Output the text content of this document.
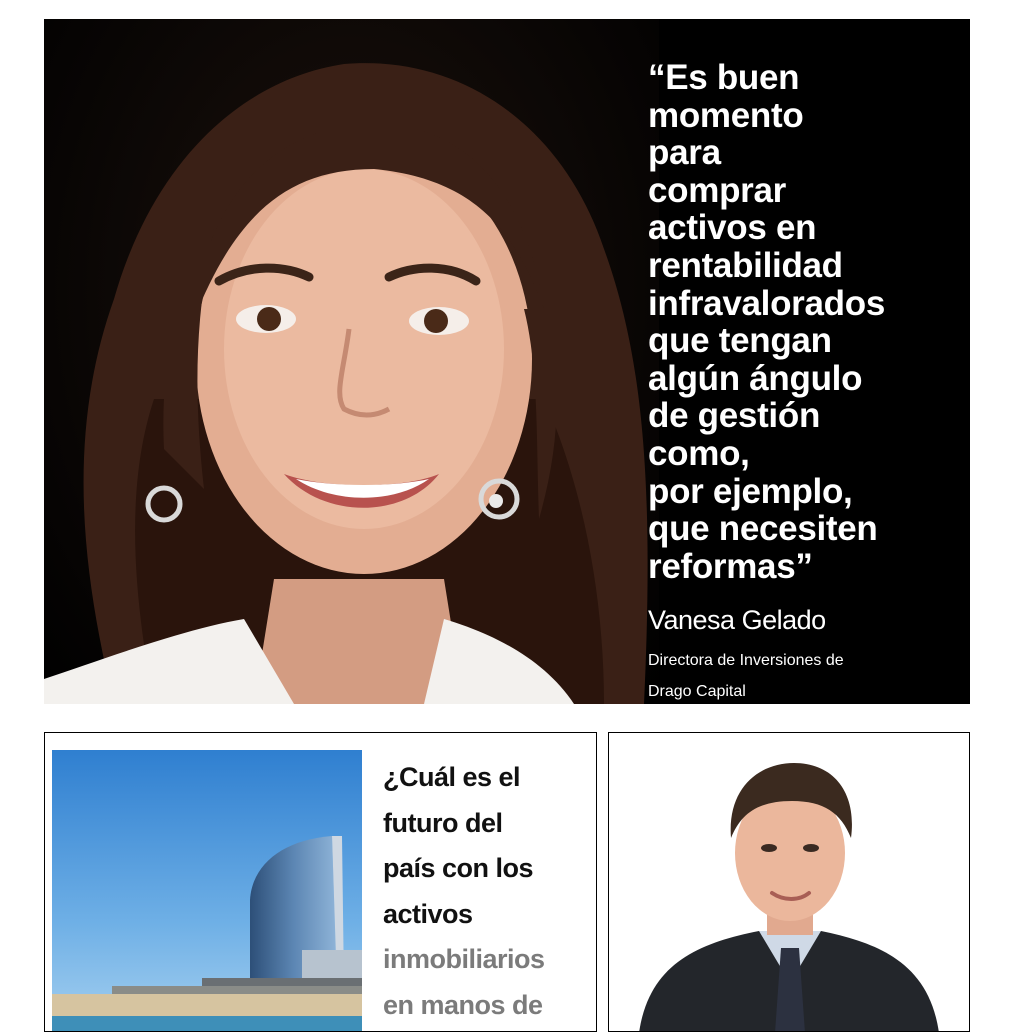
“Es buen
momento
para
comprar
activos en
rentabilidad
infravalorados
que tengan
algún ángulo
de gestión
como,
por ejemplo,
que necesiten
reformas”
Vanesa Gelado
Directora de Inversiones de
Drago Capital
¿Cuál es el
futuro del
país con los
activos
inmobiliarios
en manos de
